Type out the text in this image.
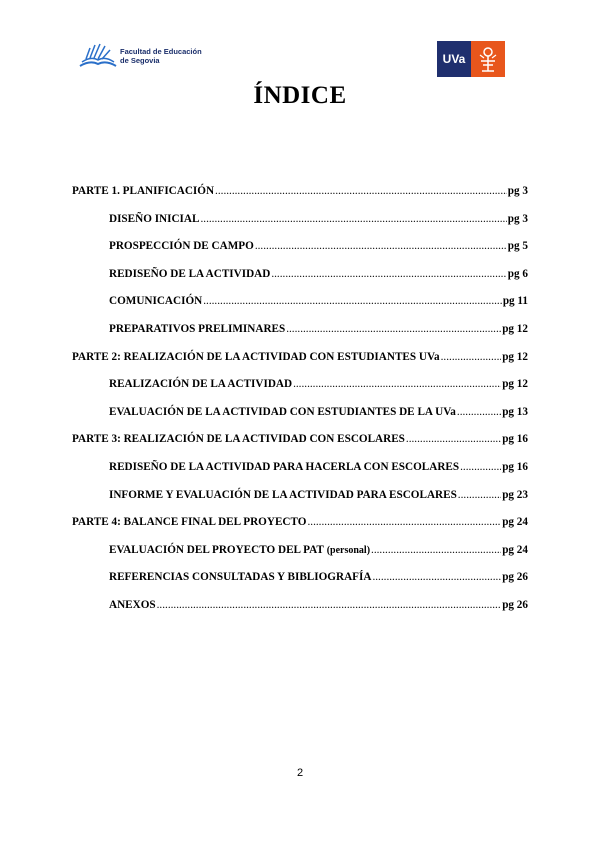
Facultad de Educación
de Segovia	UVa
ÍNDICE
PARTE 1. PLANIFICACIÓN .....	pg 3
DISEÑO INICIAL .....	pg 3
PROSPECCIÓN DE CAMPO .....	pg 5
REDISEÑO DE LA ACTIVIDAD .....	pg 6
COMUNICACIÓN .....	pg 11
PREPARATIVOS PRELIMINARES .....	pg 12
PARTE 2: REALIZACIÓN DE LA ACTIVIDAD CON ESTUDIANTES UVa .....	pg 12
REALIZACIÓN DE LA ACTIVIDAD .....	pg 12
EVALUACIÓN DE LA ACTIVIDAD CON ESTUDIANTES DE LA UVa .....	pg 13
PARTE 3: REALIZACIÓN DE LA ACTIVIDAD CON ESCOLARES .....	pg 16
REDISEÑO DE LA ACTIVIDAD PARA HACERLA CON ESCOLARES .....	pg 16
INFORME Y EVALUACIÓN DE LA ACTIVIDAD PARA ESCOLARES .....	pg 23
PARTE 4: BALANCE FINAL DEL PROYECTO .....	pg 24
EVALUACIÓN DEL PROYECTO DEL PAT (personal) .....	pg 24
REFERENCIAS CONSULTADAS Y BIBLIOGRAFÍA .....	pg 26
ANEXOS .....	pg 26
2
